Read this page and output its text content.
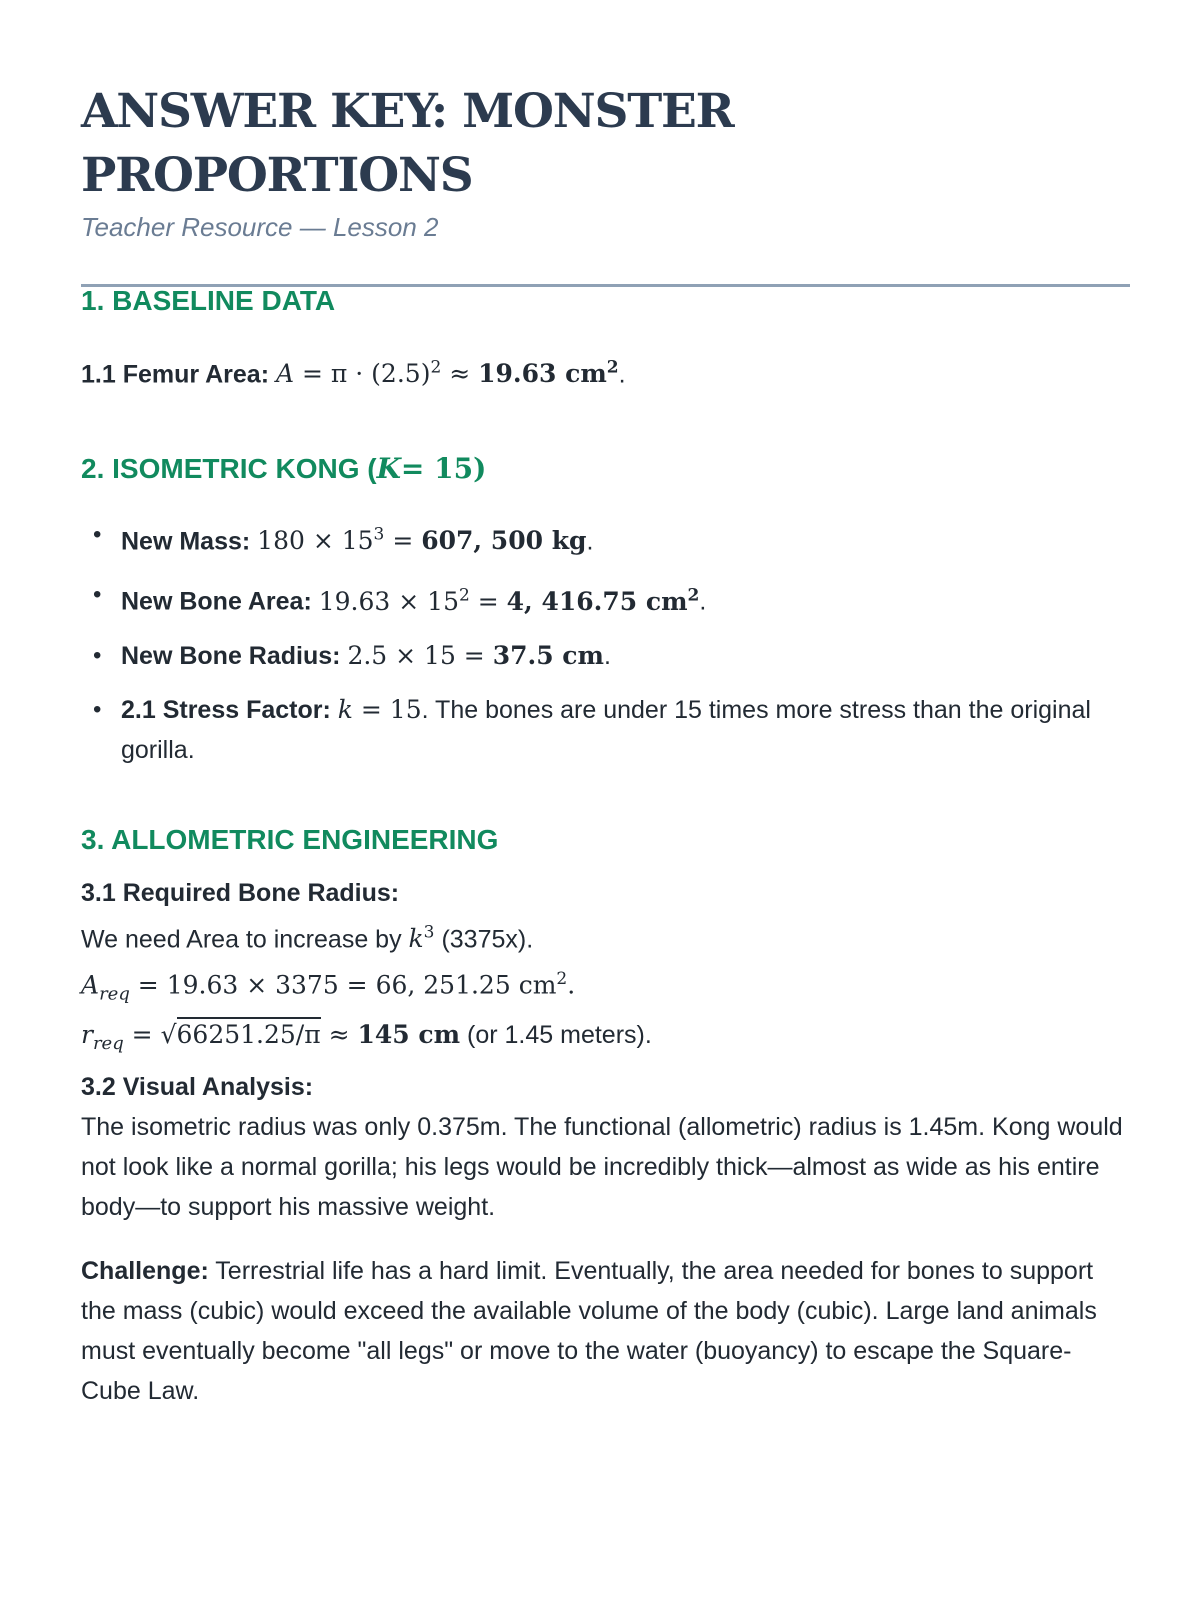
ANSWER KEY: MONSTER PROPORTIONS
Teacher Resource — Lesson 2
1. BASELINE DATA
1.1 Femur Area: $A = \pi \cdot (2.5)^2 \approx 19.63$ $cm^2$.
2. ISOMETRIC KONG (K= 15)
• New Mass: $180 \times 15^3 = 607$, 500 kg.
• New Bone Area: $19.63 \times 15^2 = 4$, 416.75 $cm^2$.
• New Bone Radius: 2.5 × 15 = 37.5 cm.
• 2.1 Stress Factor: k = 15. The bones are under 15 times more stress than the original gorilla.
3. ALLOMETRIC ENGINEERING
3.1 Required Bone Radius:
We need Area to increase by $k^3$ (3375x).
$A_{req} = 19.63 \times 3375 = 66$, 251.25 $cm^2$.
$r_{req} = √66251.25/\pi \approx 145$ cm (or 1.45 meters).
3.2 Visual Analysis:
The isometric radius was only 0.375m. The functional (allometric) radius is 1.45m. Kong would not look like a normal gorilla; his legs would be incredibly thick—almost as wide as his entire body—to support his massive weight.
Challenge: Terrestrial life has a hard limit. Eventually, the area needed for bones to support the mass (cubic) would exceed the available volume of the body (cubic). Large land animals must eventually become "all legs" or move to the water (buoyancy) to escape the Square-Cube Law.
